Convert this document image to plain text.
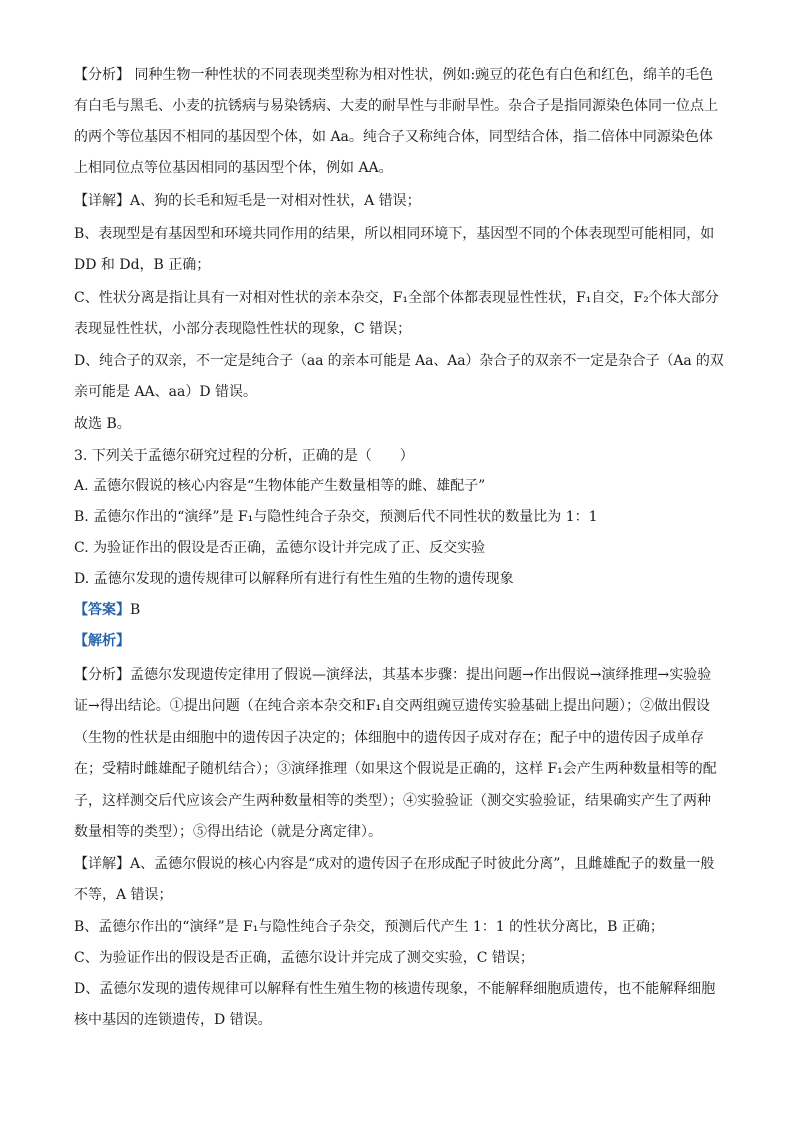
【分析】 同种生物一种性状的不同表现类型称为相对性状，例如:豌豆的花色有白色和红色，绵羊的毛色
有白毛与黑毛、小麦的抗锈病与易染锈病、大麦的耐旱性与非耐旱性。杂合子是指同源染色体同一位点上
的两个等位基因不相同的基因型个体，如 Aa。纯合子又称纯合体，同型结合体，指二倍体中同源染色体
上相同位点等位基因相同的基因型个体，例如 AA。
【详解】A、狗的长毛和短毛是一对相对性状，A 错误；
B、表现型是有基因型和环境共同作用的结果，所以相同环境下，基因型不同的个体表现型可能相同，如
DD 和 Dd，B 正确；
C、性状分离是指让具有一对相对性状的亲本杂交，F₁全部个体都表现显性性状，F₁自交，F₂个体大部分
表现显性性状，小部分表现隐性性状的现象，C 错误；
D、纯合子的双亲，不一定是纯合子（aa 的亲本可能是 Aa、Aa）杂合子的双亲不一定是杂合子（Aa 的双
亲可能是 AA、aa）D 错误。
故选 B。
3. 下列关于孟德尔研究过程的分析，正确的是（　　）
A. 孟德尔假说的核心内容是“生物体能产生数量相等的雌、雄配子”
B. 孟德尔作出的“演绎”是 F₁与隐性纯合子杂交，预测后代不同性状的数量比为 1：1
C. 为验证作出的假设是否正确，孟德尔设计并完成了正、反交实验
D. 孟德尔发现的遗传规律可以解释所有进行有性生殖的生物的遗传现象
【答案】B
【解析】
【分析】孟德尔发现遗传定律用了假说—演绎法，其基本步骤：提出问题→作出假说→演绎推理→实验验
证→得出结论。①提出问题（在纯合亲本杂交和F₁自交两组豌豆遗传实验基础上提出问题）；②做出假设
（生物的性状是由细胞中的遗传因子决定的；体细胞中的遗传因子成对存在；配子中的遗传因子成单存
在；受精时雌雄配子随机结合）；③演绎推理（如果这个假说是正确的，这样 F₁会产生两种数量相等的配
子，这样测交后代应该会产生两种数量相等的类型）；④实验验证（测交实验验证，结果确实产生了两种
数量相等的类型）；⑤得出结论（就是分离定律）。
【详解】A、孟德尔假说的核心内容是“成对的遗传因子在形成配子时彼此分离”，且雌雄配子的数量一般
不等，A 错误；
B、孟德尔作出的“演绎”是 F₁与隐性纯合子杂交，预测后代产生 1：1 的性状分离比，B 正确；
C、为验证作出的假设是否正确，孟德尔设计并完成了测交实验，C 错误；
D、孟德尔发现的遗传规律可以解释有性生殖生物的核遗传现象，不能解释细胞质遗传，也不能解释细胞
核中基因的连锁遗传，D 错误。
